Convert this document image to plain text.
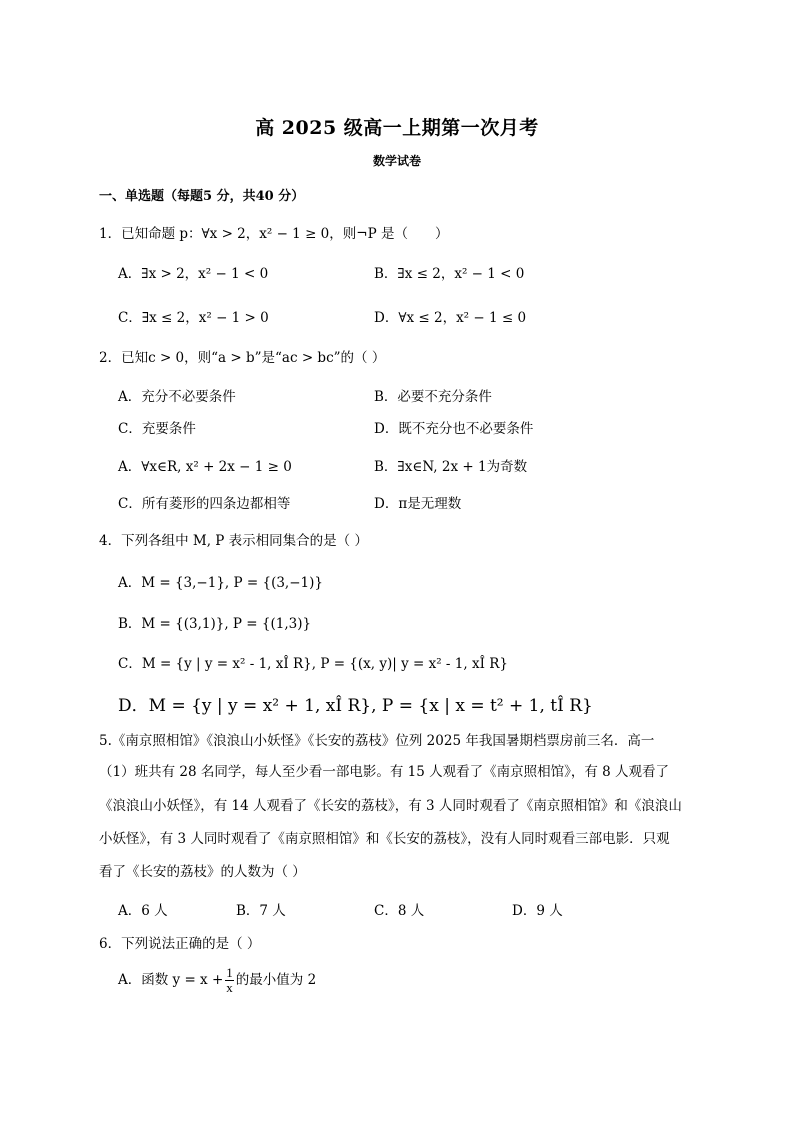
高 2025 级高一上期第一次月考
数学试卷
一、单选题（每题5 分，共40 分）
1．已知命题 p：∀x > 2，x² − 1 ≥ 0，则¬P 是（　　）
A．∃x > 2，x² − 1 < 0	B．∃x ≤ 2，x² − 1 < 0
C．∃x ≤ 2，x² − 1 > 0	D．∀x ≤ 2，x² − 1 ≤ 0
2．已知c > 0，则“a > b”是“ac > bc”的（ ）
A．充分不必要条件	B．必要不充分条件
C．充要条件	D．既不充分也不必要条件
A．∀x∈R, x² + 2x − 1 ≥ 0	B．∃x∈N, 2x + 1为奇数
C．所有菱形的四条边都相等	D．π是无理数
4．下列各组中 M, P 表示相同集合的是（ ）
A．M = {3,−1}, P = {(3,−1)}
B．M = {(3,1)}, P = {(1,3)}
C．M = {y | y = x² - 1, xÎ R}, P = {(x, y)| y = x² - 1, xÎ R}
D．M = {y | y = x² + 1, xÎ R}, P = {x | x = t² + 1, tÎ R}
5.《南京照相馆》《浪浪山小妖怪》《长安的荔枝》位列 2025 年我国暑期档票房前三名．高一
（1）班共有 28 名同学，每人至少看一部电影。有 15 人观看了《南京照相馆》，有 8 人观看了
《浪浪山小妖怪》，有 14 人观看了《长安的荔枝》，有 3 人同时观看了《南京照相馆》和《浪浪山
小妖怪》，有 3 人同时观看了《南京照相馆》和《长安的荔枝》，没有人同时观看三部电影．只观
看了《长安的荔枝》的人数为（ ）
A．6 人	B．7 人	C．8 人	D．9 人
6．下列说法正确的是（ ）
A．函数 $y = x + \frac{1}{x}$ 的最小值为 2
